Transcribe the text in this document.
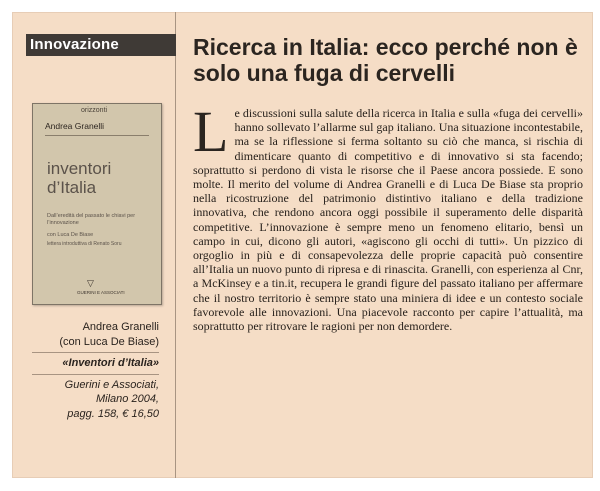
Innovazione
orizzonti
Andrea Granelli
inventori
d’Italia
Dall’eredità del passato le chiavi per l’innovazione
con Luca De Biase
lettera introduttiva di Renato Soru
▽
GUERINI E ASSOCIATI
Andrea Granelli
(con Luca De Biase)
«Inventori d’Italia»
Guerini e Associati,
Milano 2004,
pagg. 158, € 16,50
Ricerca in Italia: ecco perché non è solo una fuga di cervelli
L e discussioni sulla salute della ricerca in Italia e sulla «fuga dei cervelli» hanno sollevato l’allarme sul gap italiano. Una situazione incontestabile, ma se la riflessione si ferma soltanto su ciò che manca, si rischia di dimenticare quanto di competitivo e di innovativo si sta facendo; soprattutto si perdono di vista le risorse che il Paese ancora possiede. E sono molte. Il merito del volume di Andrea Granelli e di Luca De Biase sta proprio nella ricostruzione del patrimonio distintivo italiano e della tradizione innovativa, che rendono ancora oggi possibile il superamento delle disparità competitive. L’innovazione è sempre meno un fenomeno elitario, bensì un campo in cui, dicono gli autori, «agiscono gli occhi di tutti». Un pizzico di orgoglio in più e di consapevolezza delle proprie capacità può consentire all’Italia un nuovo punto di ripresa e di rinascita. Granelli, con esperienza al Cnr, a McKinsey e a tin.it, recupera le grandi figure del passato italiano per affermare che il nostro territorio è sempre stato una miniera di idee e un contesto sociale favorevole alle innovazioni. Una piacevole racconto per capire l’attualità, ma soprattutto per ritrovare le ragioni per non demordere.
